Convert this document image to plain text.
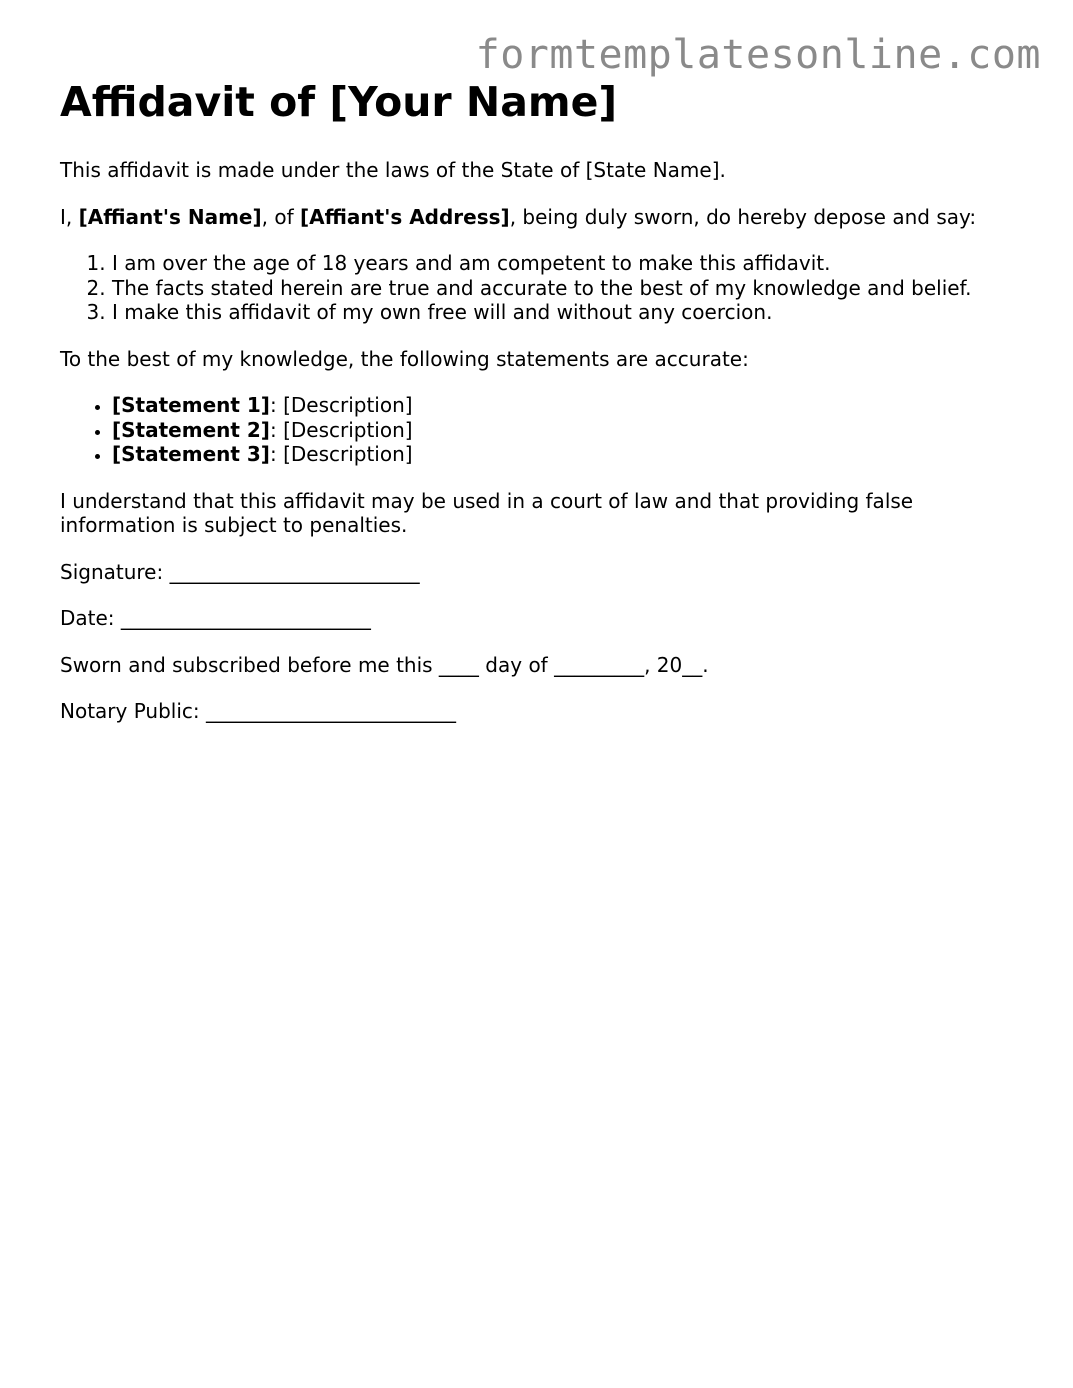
formtemplatesonline.com
Affidavit of [Your Name]

This affidavit is made under the laws of the State of [State Name].

I, [Affiant's Name], of [Affiant's Address], being duly sworn, do hereby depose and say:

1. I am over the age of 18 years and am competent to make this affidavit.
2. The facts stated herein are true and accurate to the best of my knowledge and belief.
3. I make this affidavit of my own free will and without any coercion.

To the best of my knowledge, the following statements are accurate:

• [Statement 1]: [Description]
• [Statement 2]: [Description]
• [Statement 3]: [Description]

I understand that this affidavit may be used in a court of law and that providing false information is subject to penalties.

Signature: _________________________

Date: _________________________

Sworn and subscribed before me this ____ day of _________, 20__.

Notary Public: _________________________
